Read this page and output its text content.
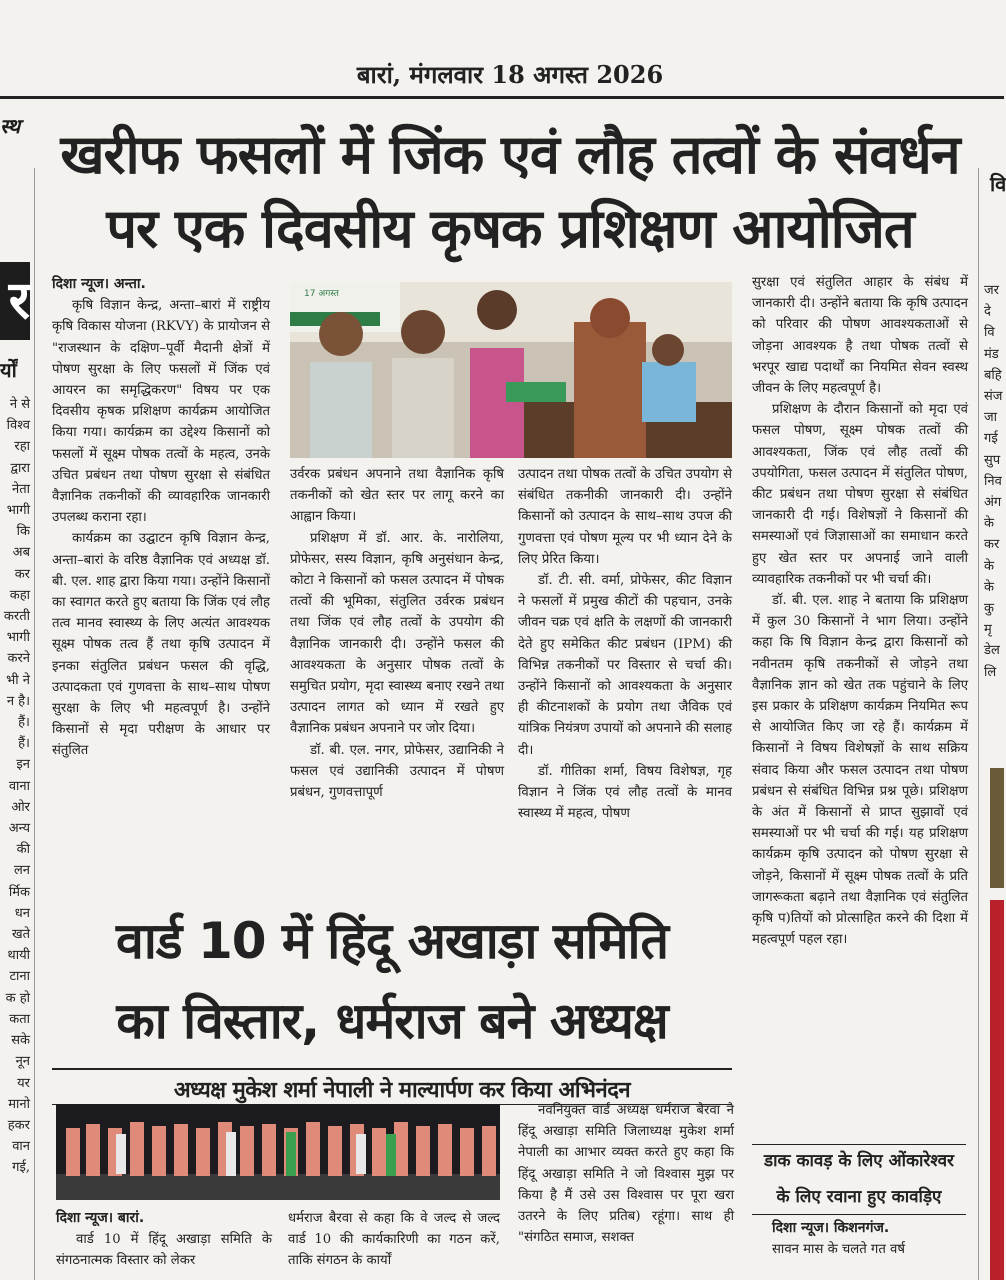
बारां, मंगलवार 18 अगस्त 2026
स्थ
र
र्यों
ने से
विश्व
रहा
द्वारा
नेता
भागी
कि
अब
कर
कहा
करती
भागी
करने
भी ने
न है।
हैं।
हैं।
इन
वाना
ओर
अन्य
की
लन
र्मिक
धन
खते
थायी
टाना
क हो
कता
सके
नून
यर
मानो
हकर
वान
गई,
वि
जर
दे
वि
मंड
बहि
संज
जा
गई
सुप
निव
अंग
के
कर
के
के
कु
मृ
डेल
लि
खरीफ फसलों में जिंक एवं लौह तत्वों के संवर्धन
पर एक दिवसीय कृषक प्रशिक्षण आयोजित
दिशा न्यूज। अन्ता.

कृषि विज्ञान केन्द्र, अन्ता–बारां में राष्ट्रीय कृषि विकास योजना (RKVY) के प्रायोजन से "राजस्थान के दक्षिण–पूर्वी मैदानी क्षेत्रों में पोषण सुरक्षा के लिए फसलों में जिंक एवं आयरन का समृद्धिकरण" विषय पर एक दिवसीय कृषक प्रशिक्षण कार्यक्रम आयोजित किया गया। कार्यक्रम का उद्देश्य किसानों को फसलों में सूक्ष्म पोषक तत्वों के महत्व, उनके उचित प्रबंधन तथा पोषण सुरक्षा से संबंधित वैज्ञानिक तकनीकों की व्यावहारिक जानकारी उपलब्ध कराना रहा।

कार्यक्रम का उद्घाटन कृषि विज्ञान केन्द्र, अन्ता–बारां के वरिष्ठ वैज्ञानिक एवं अध्यक्ष डॉ. बी. एल. शाह द्वारा किया गया। उन्होंने किसानों का स्वागत करते हुए बताया कि जिंक एवं लौह तत्व मानव स्वास्थ्य के लिए अत्यंत आवश्यक सूक्ष्म पोषक तत्व हैं तथा कृषि उत्पादन में इनका संतुलित प्रबंधन फसल की वृद्धि, उत्पादकता एवं गुणवत्ता के साथ–साथ पोषण सुरक्षा के लिए भी महत्वपूर्ण है। उन्होंने किसानों से मृदा परीक्षण के आधार पर संतुलित

17 अगस्त

उर्वरक प्रबंधन अपनाने तथा वैज्ञानिक कृषि तकनीकों को खेत स्तर पर लागू करने का आह्वान किया।

प्रशिक्षण में डॉ. आर. के. नारोलिया, प्रोफेसर, सस्य विज्ञान, कृषि अनुसंधान केन्द्र, कोटा ने किसानों को फसल उत्पादन में पोषक तत्वों की भूमिका, संतुलित उर्वरक प्रबंधन तथा जिंक एवं लौह तत्वों के उपयोग की वैज्ञानिक जानकारी दी। उन्होंने फसल की आवश्यकता के अनुसार पोषक तत्वों के समुचित प्रयोग, मृदा स्वास्थ्य बनाए रखने तथा उत्पादन लागत को ध्यान में रखते हुए वैज्ञानिक प्रबंधन अपनाने पर जोर दिया।

डॉ. बी. एल. नगर, प्रोफेसर, उद्यानिकी ने फसल एवं उद्यानिकी उत्पादन में पोषण प्रबंधन, गुणवत्तापूर्ण

उत्पादन तथा पोषक तत्वों के उचित उपयोग से संबंधित तकनीकी जानकारी दी। उन्होंने किसानों को उत्पादन के साथ–साथ उपज की गुणवत्ता एवं पोषण मूल्य पर भी ध्यान देने के लिए प्रेरित किया।

डॉ. टी. सी. वर्मा, प्रोफेसर, कीट विज्ञान ने फसलों में प्रमुख कीटों की पहचान, उनके जीवन चक्र एवं क्षति के लक्षणों की जानकारी देते हुए समेकित कीट प्रबंधन (IPM) की विभिन्न तकनीकों पर विस्तार से चर्चा की। उन्होंने किसानों को आवश्यकता के अनुसार ही कीटनाशकों के प्रयोग तथा जैविक एवं यांत्रिक नियंत्रण उपायों को अपनाने की सलाह दी।

डॉ. गीतिका शर्मा, विषय विशेषज्ञ, गृह विज्ञान ने जिंक एवं लौह तत्वों के मानव स्वास्थ्य में महत्व, पोषण

सुरक्षा एवं संतुलित आहार के संबंध में जानकारी दी। उन्होंने बताया कि कृषि उत्पादन को परिवार की पोषण आवश्यकताओं से जोड़ना आवश्यक है तथा पोषक तत्वों से भरपूर खाद्य पदार्थों का नियमित सेवन स्वस्थ जीवन के लिए महत्वपूर्ण है।

प्रशिक्षण के दौरान किसानों को मृदा एवं फसल पोषण, सूक्ष्म पोषक तत्वों की आवश्यकता, जिंक एवं लौह तत्वों की उपयोगिता, फसल उत्पादन में संतुलित पोषण, कीट प्रबंधन तथा पोषण सुरक्षा से संबंधित जानकारी दी गई। विशेषज्ञों ने किसानों की समस्याओं एवं जिज्ञासाओं का समाधान करते हुए खेत स्तर पर अपनाई जाने वाली व्यावहारिक तकनीकों पर भी चर्चा की।

डॉ. बी. एल. शाह ने बताया कि प्रशिक्षण में कुल 30 किसानों ने भाग लिया। उन्होंने कहा कि षि विज्ञान केन्द्र द्वारा किसानों को नवीनतम कृषि तकनीकों से जोड़ने तथा वैज्ञानिक ज्ञान को खेत तक पहुंचाने के लिए इस प्रकार के प्रशिक्षण कार्यक्रम नियमित रूप से आयोजित किए जा रहे हैं। कार्यक्रम में किसानों ने विषय विशेषज्ञों के साथ सक्रिय संवाद किया और फसल उत्पादन तथा पोषण प्रबंधन से संबंधित विभिन्न प्रश्न पूछे। प्रशिक्षण के अंत में किसानों से प्राप्त सुझावों एवं समस्याओं पर भी चर्चा की गई। यह प्रशिक्षण कार्यक्रम कृषि उत्पादन को पोषण सुरक्षा से जोड़ने, किसानों में सूक्ष्म पोषक तत्वों के प्रति जागरूकता बढ़ाने तथा वैज्ञानिक एवं संतुलित कृषि प)तियों को प्रोत्साहित करने की दिशा में महत्वपूर्ण पहल रहा।

वार्ड 10 में हिंदू अखाड़ा समिति
का विस्तार, धर्मराज बने अध्यक्ष
अध्यक्ष मुकेश शर्मा नेपाली ने माल्यार्पण कर किया अभिनंदन
दिशा न्यूज। बारां.

वार्ड 10 में हिंदू अखाड़ा समिति के संगठनात्मक विस्तार को लेकर

धर्मराज बैरवा से कहा कि वे जल्द से जल्द वार्ड 10 की कार्यकारिणी का गठन करें, ताकि संगठन के कार्यों

नवनियुक्त वार्ड अध्यक्ष धर्मराज बैरवा ने हिंदू अखाड़ा समिति जिलाध्यक्ष मुकेश शर्मा नेपाली का आभार व्यक्त करते हुए कहा कि हिंदू अखाड़ा समिति ने जो विश्वास मुझ पर किया है मैं उसे उस विश्वास पर पूरा खरा उतरने के लिए प्रतिब) रहूंगा। साथ ही "संगठित समाज, सशक्त

डाक कावड़ के लिए ओंकारेश्वर
के लिए रवाना हुए कावड़िए
दिशा न्यूज। किशनगंज.

सावन मास के चलते गत वर्ष
